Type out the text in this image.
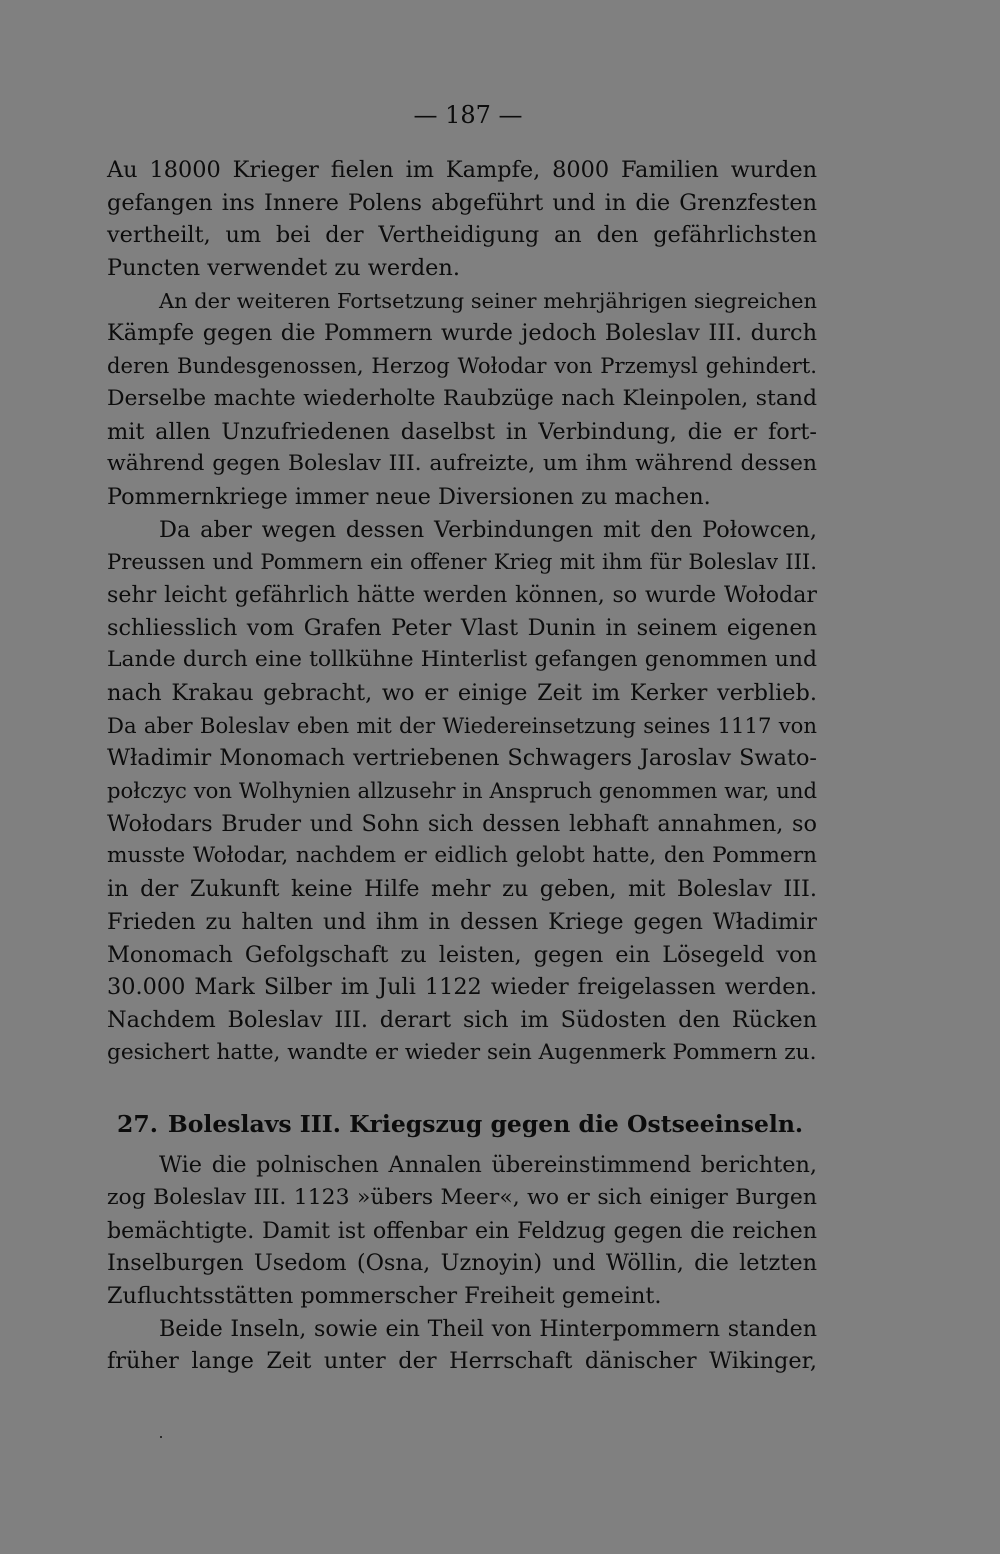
— 187 —

Au 18000 Krieger fielen im Kampfe, 8000 Familien wurden
gefangen ins Innere Polens abgeführt und in die Grenzfesten
vertheilt, um bei der Vertheidigung an den gefährlichsten
Puncten verwendet zu werden.

An der weiteren Fortsetzung seiner mehrjährigen siegreichen
Kämpfe gegen die Pommern wurde jedoch Boleslav III. durch
deren Bundesgenossen, Herzog Wołodar von Przemysl gehindert.
Derselbe machte wiederholte Raubzüge nach Kleinpolen, stand
mit allen Unzufriedenen daselbst in Verbindung, die er fort-
während gegen Boleslav III. aufreizte, um ihm während dessen
Pommernkriege immer neue Diversionen zu machen.

Da aber wegen dessen Verbindungen mit den Połowcen,
Preussen und Pommern ein offener Krieg mit ihm für Boleslav III.
sehr leicht gefährlich hätte werden können, so wurde Wołodar
schliesslich vom Grafen Peter Vlast Dunin in seinem eigenen
Lande durch eine tollkühne Hinterlist gefangen genommen und
nach Krakau gebracht, wo er einige Zeit im Kerker verblieb.
Da aber Boleslav eben mit der Wiedereinsetzung seines 1117 von
Władimir Monomach vertriebenen Schwagers Jaroslav Swato-
połczyc von Wolhynien allzusehr in Anspruch genommen war, und
Wołodars Bruder und Sohn sich dessen lebhaft annahmen, so
musste Wołodar, nachdem er eidlich gelobt hatte, den Pommern
in der Zukunft keine Hilfe mehr zu geben, mit Boleslav III.
Frieden zu halten und ihm in dessen Kriege gegen Władimir
Monomach Gefolgschaft zu leisten, gegen ein Lösegeld von
30.000 Mark Silber im Juli 1122 wieder freigelassen werden.
Nachdem Boleslav III. derart sich im Südosten den Rücken
gesichert hatte, wandte er wieder sein Augenmerk Pommern zu.

27. Boleslavs III. Kriegszug gegen die Ostseeinseln.

Wie die polnischen Annalen übereinstimmend berichten,
zog Boleslav III. 1123 »übers Meer«, wo er sich einiger Burgen
bemächtigte. Damit ist offenbar ein Feldzug gegen die reichen
Inselburgen Usedom (Osna, Uznoyin) und Wöllin, die letzten
Zufluchtsstätten pommerscher Freiheit gemeint.

Beide Inseln, sowie ein Theil von Hinterpommern standen
früher lange Zeit unter der Herrschaft dänischer Wikinger,
